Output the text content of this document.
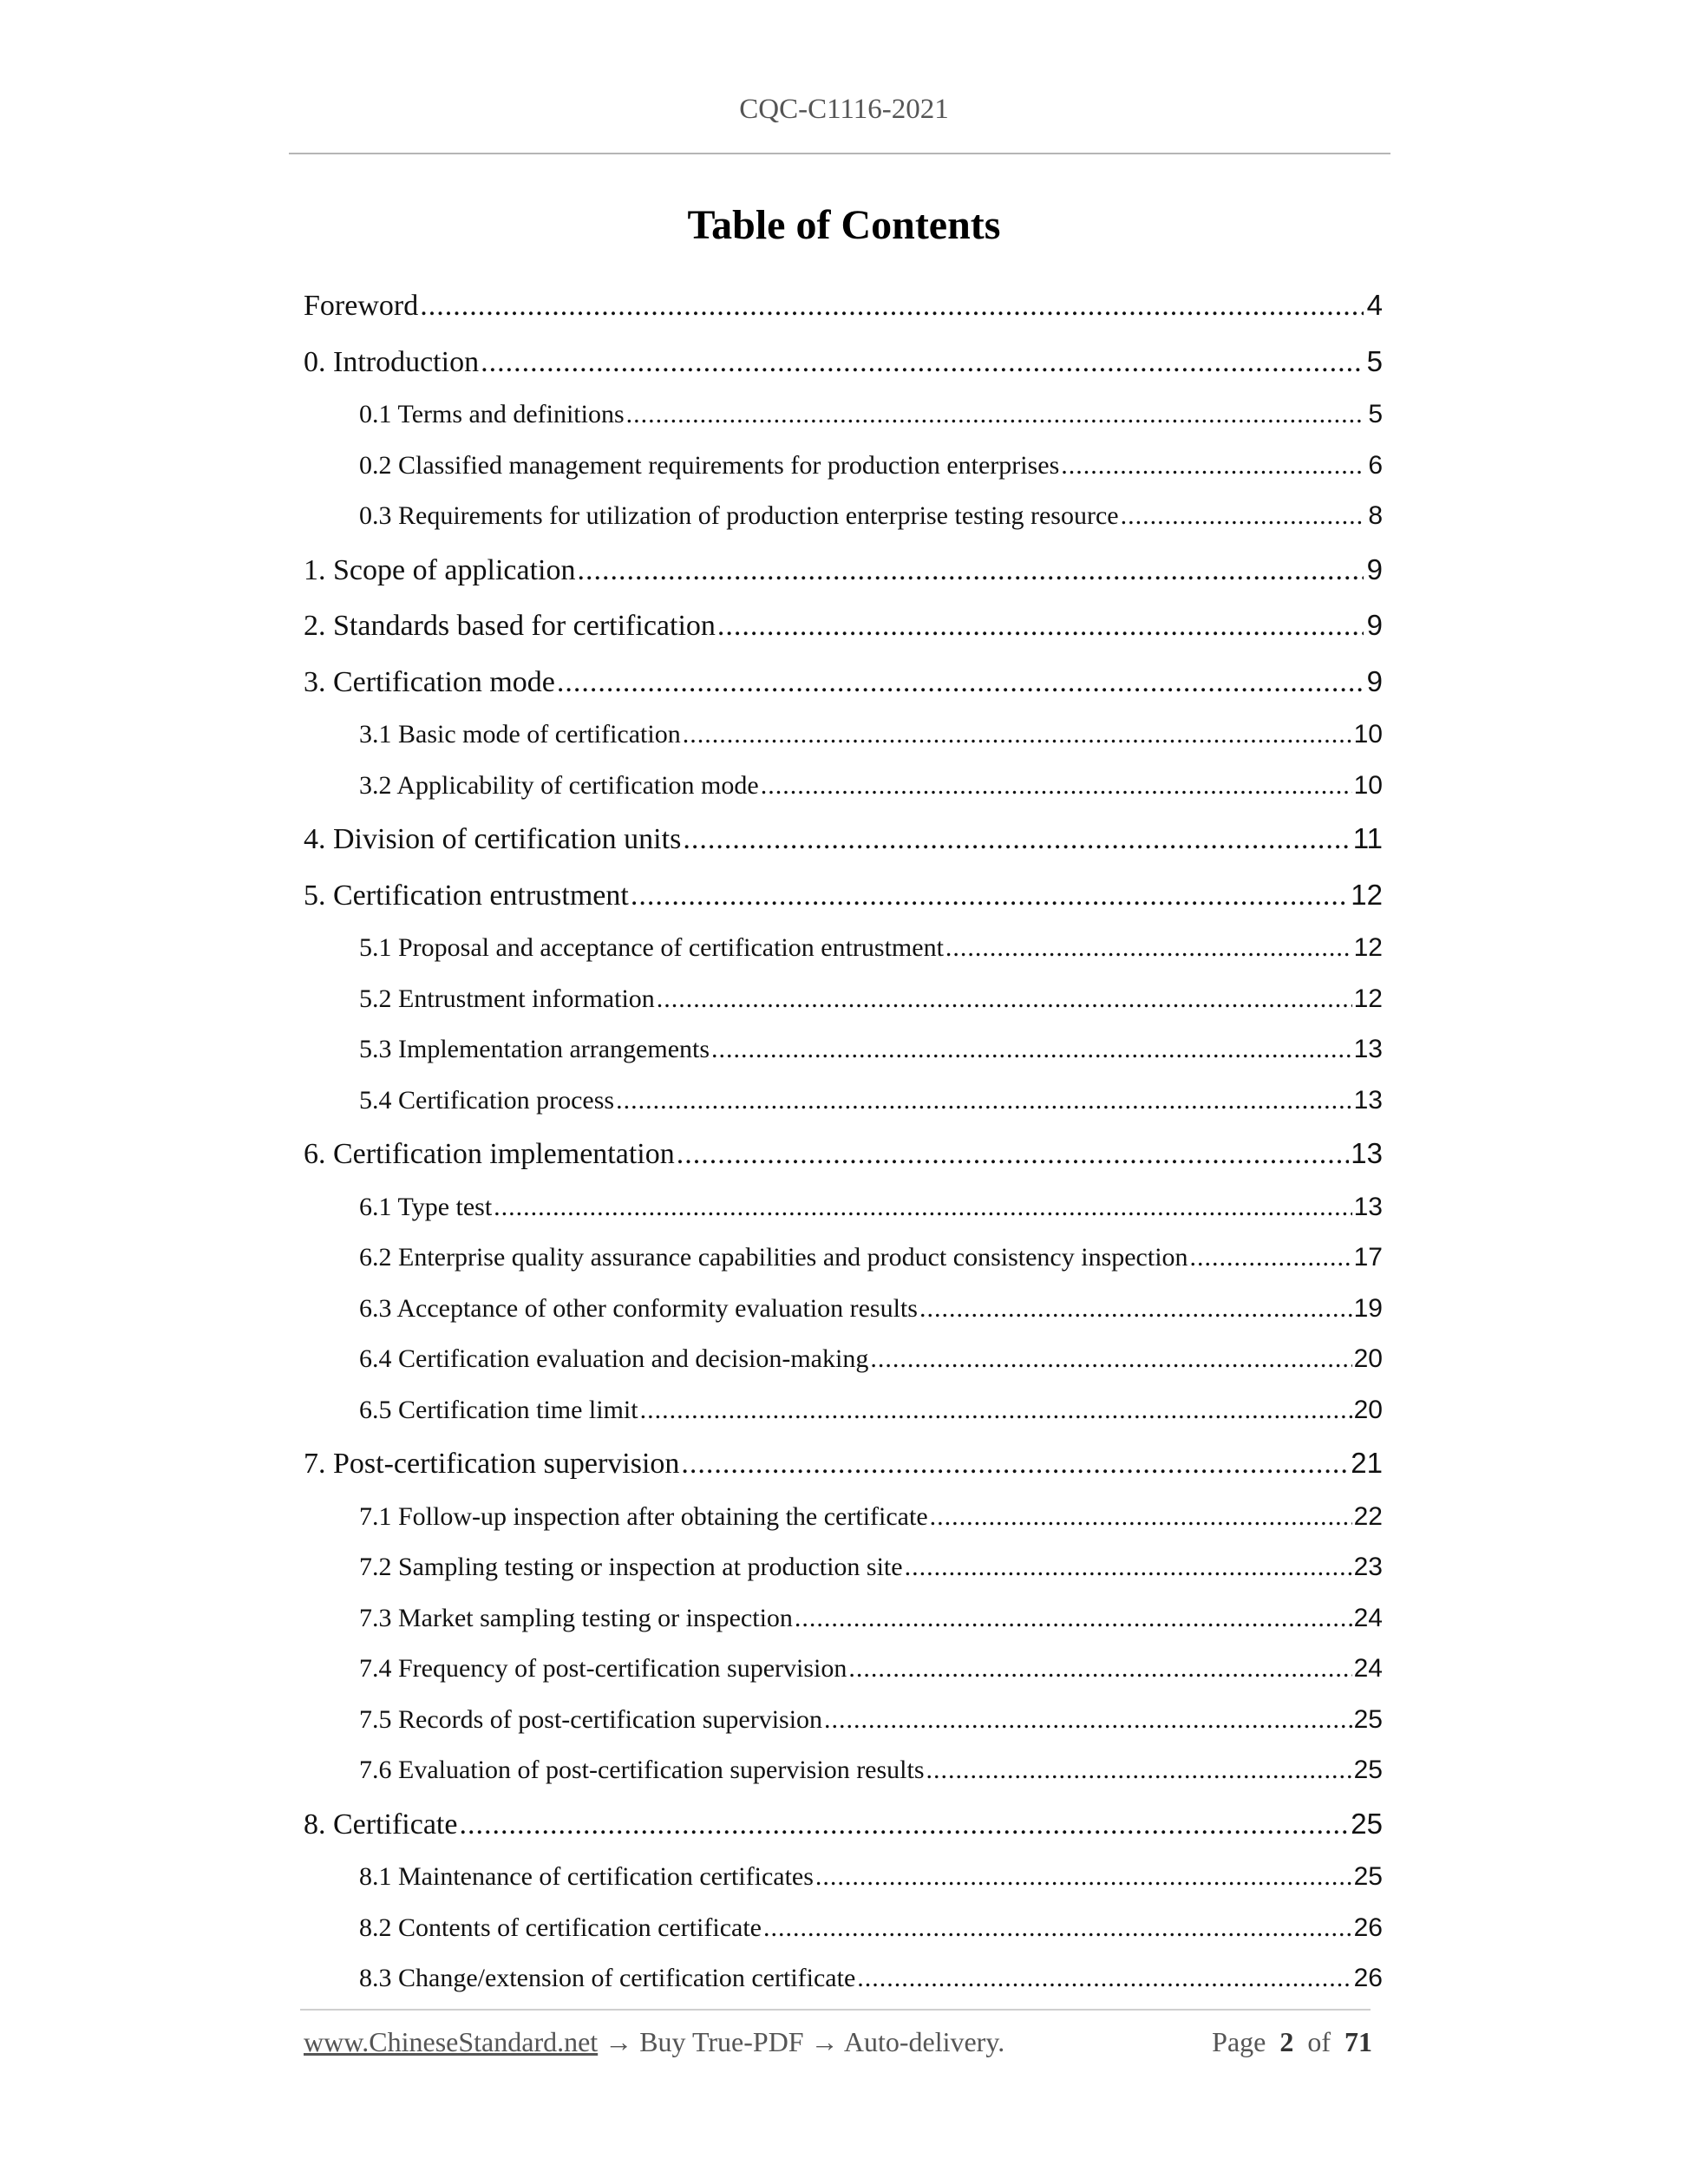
CQC-C1116-2021
Table of Contents
Foreword .....	4
0. Introduction .....	5
0.1 Terms and definitions .....	5
0.2 Classified management requirements for production enterprises .....	6
0.3 Requirements for utilization of production enterprise testing resource .....	8
1. Scope of application .....	9
2. Standards based for certification .....	9
3. Certification mode .....	9
3.1 Basic mode of certification .....	10
3.2 Applicability of certification mode .....	10
4. Division of certification units .....	11
5. Certification entrustment .....	12
5.1 Proposal and acceptance of certification entrustment .....	12
5.2 Entrustment information .....	12
5.3 Implementation arrangements .....	13
5.4 Certification process .....	13
6. Certification implementation .....	13
6.1 Type test .....	13
6.2 Enterprise quality assurance capabilities and product consistency inspection .....	17
6.3 Acceptance of other conformity evaluation results .....	19
6.4 Certification evaluation and decision-making .....	20
6.5 Certification time limit .....	20
7. Post-certification supervision .....	21
7.1 Follow-up inspection after obtaining the certificate .....	22
7.2 Sampling testing or inspection at production site .....	23
7.3 Market sampling testing or inspection .....	24
7.4 Frequency of post-certification supervision .....	24
7.5 Records of post-certification supervision .....	25
7.6 Evaluation of post-certification supervision results .....	25
8. Certificate .....	25
8.1 Maintenance of certification certificates .....	25
8.2 Contents of certification certificate .....	26
8.3 Change/extension of certification certificate .....	26
www.ChineseStandard.net → Buy True-PDF → Auto-delivery.	Page 2 of 71
